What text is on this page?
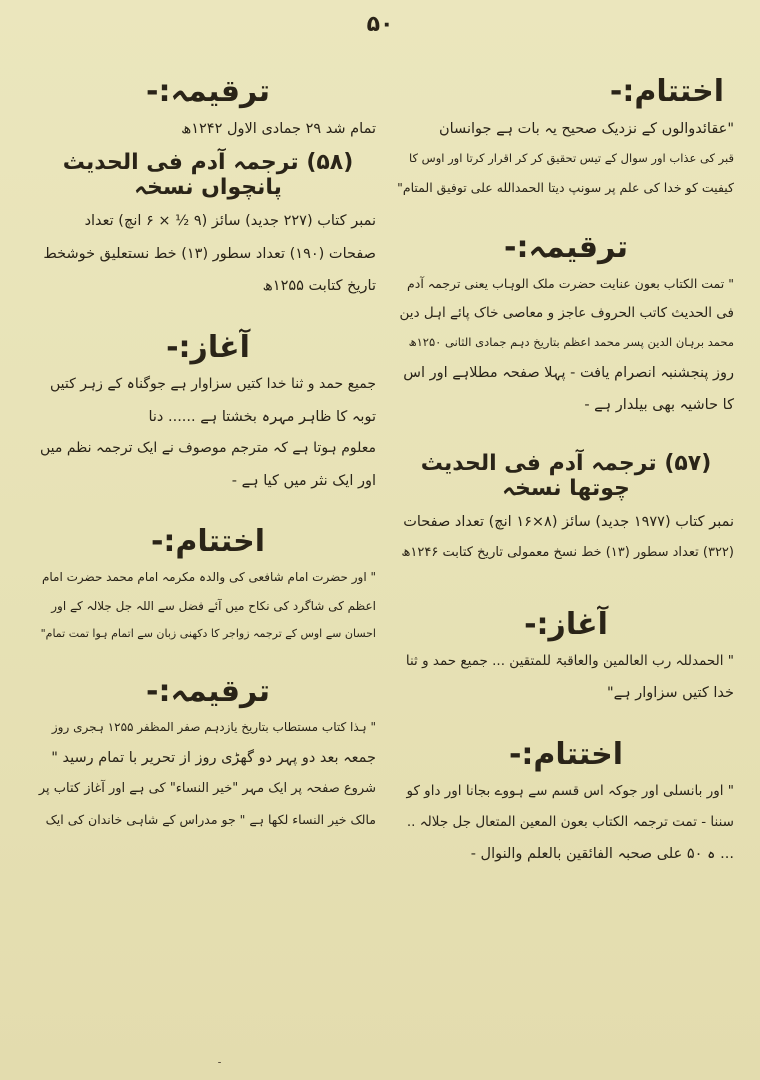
۵۰
اختتام:-
"عقائدوالوں کے نزدیک صحیح یہ بات ہے جوانسان
قبر کی عذاب اور سوال کے تیس تحقیق کر کر اقرار کرتا اور اوس کا
کیفیت کو خدا کی علم پر سونپ دیتا الحمدالله علی توفیق المتام"
ترقیمہ:-
" تمت الکتاب بعون عنایت حضرت ملک الوہاب یعنی ترجمہ آدم
فی الحدیث کاتب الحروف عاجز و معاصی خاک پائے اہل دین
محمد برہان الدین پسر محمد اعظم بتاریخ دہم جمادی الثانی ۱۲۵۰ھ
روز پنجشنبہ انصرام یافت - پہلا صفحہ مطلاہے اور اس
کا حاشیہ بھی بیلدار ہے -
(۵۷) ترجمہ آدم فی الحدیث چوتھا نسخہ
نمبر کتاب (۱۹۷۷ جدید) سائز (۸×۱۶ انچ) تعداد صفحات
(۳۲۲) تعداد سطور (۱۳) خط نسخ معمولی تاریخ کتابت ۱۲۴۶ھ
آغاز:-
" الحمدللہ رب العالمین والعاقبۃ للمتقین ... جمیع حمد و ثنا
خدا کتیں سزاوار ہے"
اختتام:-
" اور بانسلی اور جوکہ اس قسم سے ہووے بجانا اور داو کو
سننا - تمت ترجمہ الکتاب بعون المعین المتعال جل جلالہ ..
... ہ ۵۰ علی صحبہ الفائقین بالعلم والنوال -
ترقیمہ:-
تمام شد ۲۹ جمادی الاول ۱۲۴۲ھ
(۵۸) ترجمہ آدم فی الحدیث پانچواں نسخہ
نمبر کتاب (۲۲۷ جدید) سائز (۹ ½ × ۶ انچ) تعداد
صفحات (۱۹۰) تعداد سطور (۱۳) خط نستعلیق خوشخط
تاریخ کتابت ۱۲۵۵ھ
آغاز:-
جمیع حمد و ثنا خدا کتیں سزاوار ہے جوگناہ کے زہر کتیں
توبہ کا ظاہر مہرہ بخشتا ہے ...... دنا
معلوم ہوتا ہے کہ مترجم موصوف نے ایک ترجمہ نظم میں
اور ایک نثر میں کیا ہے -
اختتام:-
" اور حضرت امام شافعی کی والدہ مکرمہ امام محمد حضرت امام
اعظم کی شاگرد کی نکاح میں آئے فضل سے اللہ جل جلالہ کے اور
احسان سے اوس کے ترجمہ زواجر کا دکھنی زبان سے اتمام ہوا تمت تمام"
ترقیمہ:-
" ہذا کتاب مستطاب بتاریخ یازدہم صفر المظفر ۱۲۵۵ ہجری روز
جمعہ بعد دو پہر دو گھڑی روز از تحریر با تمام رسید "
شروع صفحہ پر ایک مہر "خیر النساء" کی ہے اور آغاز کتاب پر
مالک خیر النساء لکھا ہے " جو مدراس کے شاہی خاندان کی ایک
۔
